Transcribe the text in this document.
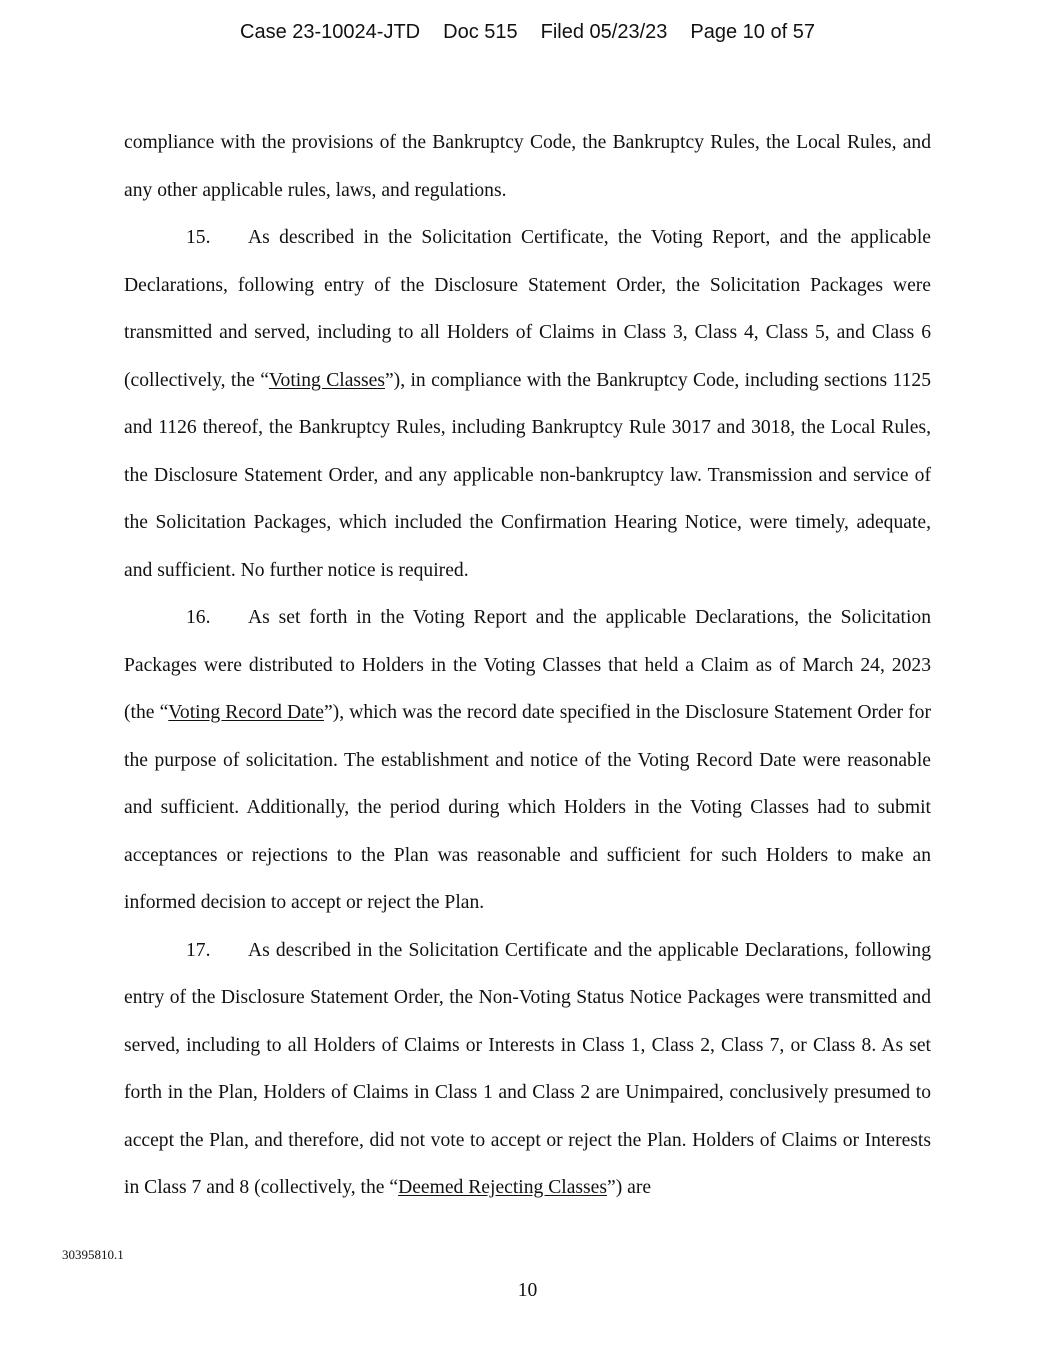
Case 23-10024-JTD Doc 515 Filed 05/23/23 Page 10 of 57

compliance with the provisions of the Bankruptcy Code, the Bankruptcy Rules, the Local Rules, and any other applicable rules, laws, and regulations.

15. As described in the Solicitation Certificate, the Voting Report, and the applicable Declarations, following entry of the Disclosure Statement Order, the Solicitation Packages were transmitted and served, including to all Holders of Claims in Class 3, Class 4, Class 5, and Class 6 (collectively, the “Voting Classes”), in compliance with the Bankruptcy Code, including sections 1125 and 1126 thereof, the Bankruptcy Rules, including Bankruptcy Rule 3017 and 3018, the Local Rules, the Disclosure Statement Order, and any applicable non-bankruptcy law. Transmission and service of the Solicitation Packages, which included the Confirmation Hearing Notice, were timely, adequate, and sufficient. No further notice is required.

16. As set forth in the Voting Report and the applicable Declarations, the Solicitation Packages were distributed to Holders in the Voting Classes that held a Claim as of March 24, 2023 (the “Voting Record Date”), which was the record date specified in the Disclosure Statement Order for the purpose of solicitation. The establishment and notice of the Voting Record Date were reasonable and sufficient. Additionally, the period during which Holders in the Voting Classes had to submit acceptances or rejections to the Plan was reasonable and sufficient for such Holders to make an informed decision to accept or reject the Plan.

17. As described in the Solicitation Certificate and the applicable Declarations, following entry of the Disclosure Statement Order, the Non-Voting Status Notice Packages were transmitted and served, including to all Holders of Claims or Interests in Class 1, Class 2, Class 7, or Class 8. As set forth in the Plan, Holders of Claims in Class 1 and Class 2 are Unimpaired, conclusively presumed to accept the Plan, and therefore, did not vote to accept or reject the Plan. Holders of Claims or Interests in Class 7 and 8 (collectively, the “Deemed Rejecting Classes”) are

30395810.1
10
